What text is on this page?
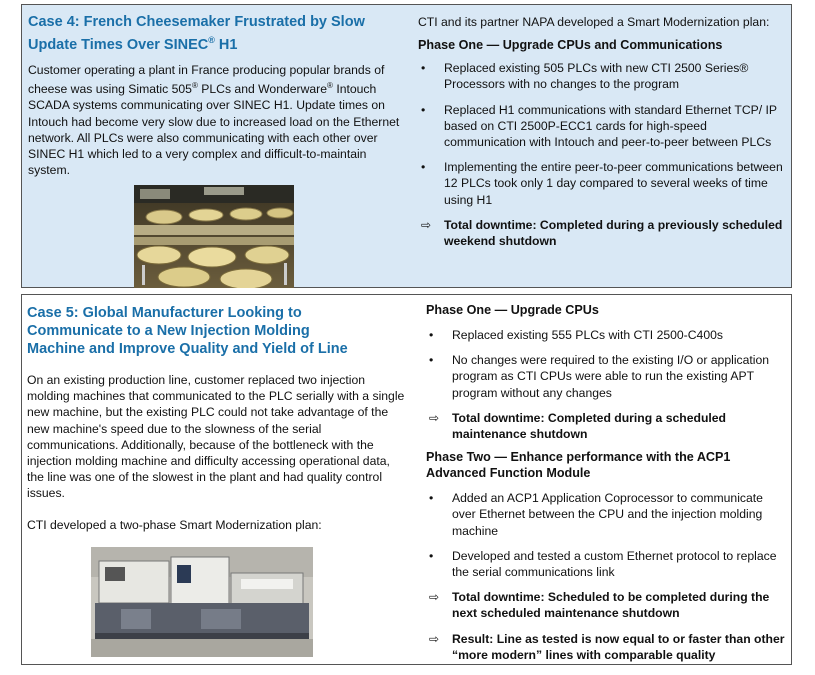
Case 4: French Cheesemaker Frustrated by Slow
Update Times Over SINEC® H1
Customer operating a plant in France producing popular brands of cheese was using Simatic 505® PLCs and Wonderware® Intouch SCADA systems communicating over SINEC H1. Update times on Intouch had become very slow due to increased load on the Ethernet network. All PLCs were also communicating with each other over SINEC H1 which led to a very complex and difficult-to-maintain system.
CTI and its partner NAPA developed a Smart Modernization plan:
Phase One — Upgrade CPUs and Communications
•	Replaced existing 505 PLCs with new CTI 2500 Series® Processors with no changes to the program
•	Replaced H1 communications with standard Ethernet TCP/ IP based on CTI 2500P-ECC1 cards for high-speed communication with Intouch and peer-to-peer between PLCs
•	Implementing the entire peer-to-peer communications between 12 PLCs took only 1 day compared to several weeks of time using H1
⇨	Total downtime: Completed during a previously scheduled weekend shutdown
Case 5: Global Manufacturer Looking to Communicate to a New Injection Molding Machine and Improve Quality and Yield of Line
On an existing production line, customer replaced two injection molding machines that communicated to the PLC serially with a single new machine, but the existing PLC could not take advantage of the new machine's speed due to the slowness of the serial communications. Additionally, because of the bottleneck with the injection molding machine and difficulty accessing operational data, the line was one of the slowest in the plant and had quality control issues.
CTI developed a two-phase Smart Modernization plan:
Phase One — Upgrade CPUs
•	Replaced existing 555 PLCs with CTI 2500-C400s
•	No changes were required to the existing I/O or application program as CTI CPUs were able to run the existing APT program without any changes
⇨	Total downtime: Completed during a scheduled maintenance shutdown
Phase Two — Enhance performance with the ACP1 Advanced Function Module
•	Added an ACP1 Application Coprocessor to communicate over Ethernet between the CPU and the injection molding machine
•	Developed and tested a custom Ethernet protocol to replace the serial communications link
⇨	Total downtime: Scheduled to be completed during the next scheduled maintenance shutdown
⇨	Result: Line as tested is now equal to or faster than other “more modern” lines with comparable quality
